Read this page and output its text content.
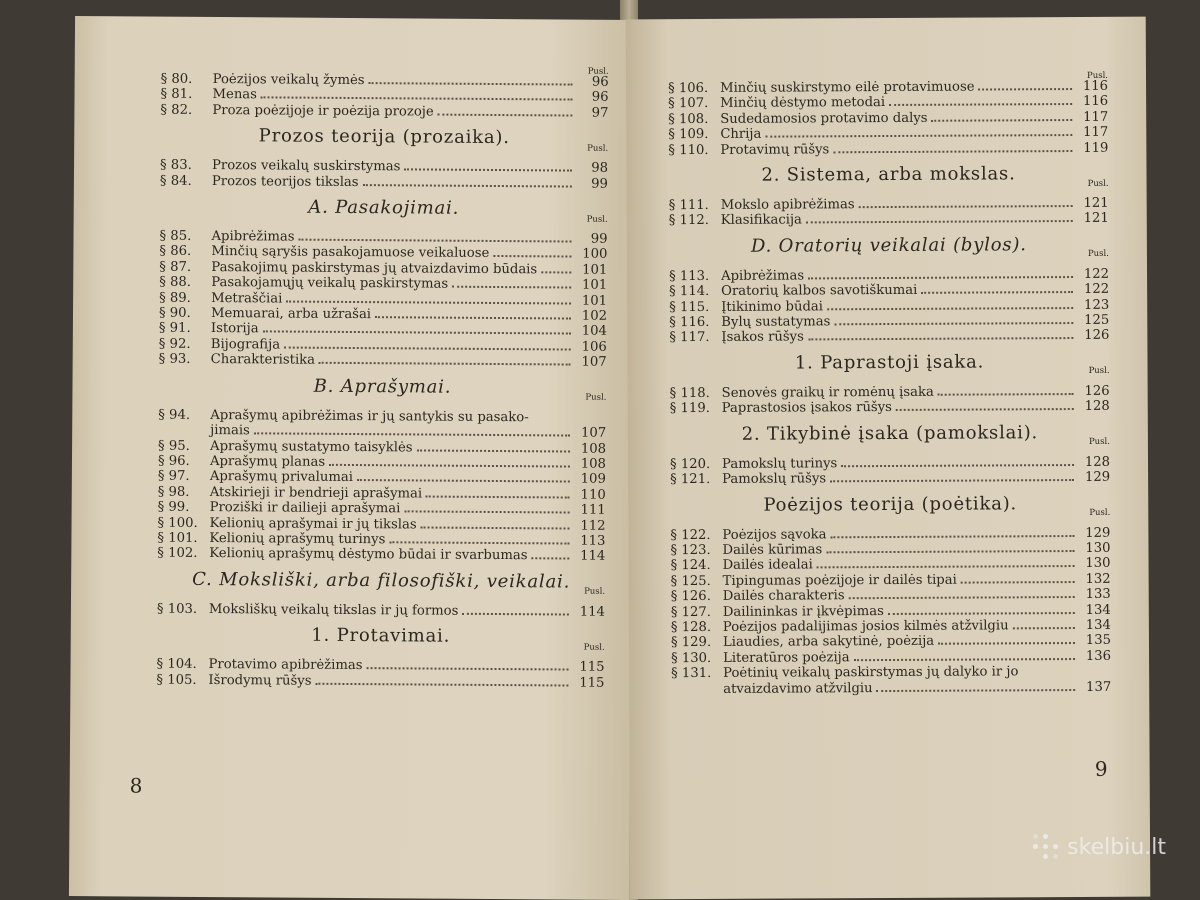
Pusl.
§ 80.	Poėzijos veikalų žymės	96
§ 81.	Menas	96
§ 82.	Proza poėzijoje ir poėzija prozoje	97
Prozos teorija (prozaika).
Pusl.
§ 83.	Prozos veikalų suskirstymas	98
§ 84.	Prozos teorijos tikslas	99
A. Pasakojimai.
Pusl.
§ 85.	Apibrėžimas	99
§ 86.	Minčių sąryšis pasakojamuose veikaluose	100
§ 87.	Pasakojimų paskirstymas jų atvaizdavimo būdais	101
§ 88.	Pasakojamųjų veikalų paskirstymas	101
§ 89.	Metraščiai	101
§ 90.	Memuarai, arba užrašai	102
§ 91.	Istorija	104
§ 92.	Bijografija	106
§ 93.	Charakteristika	107
B. Aprašymai.
Pusl.
§ 94.	Aprašymų apibrėžimas ir jų santykis su pasako-
jimais	107
§ 95.	Aprašymų sustatymo taisyklės	108
§ 96.	Aprašymų planas	108
§ 97.	Aprašymų privalumai	109
§ 98.	Atskirieji ir bendrieji aprašymai	110
§ 99.	Proziški ir dailieji aprašymai	111
§ 100. Kelionių aprašymai ir jų tikslas	112
§ 101. Kelionių aprašymų turinys	113
§ 102. Kelionių aprašymų dėstymo būdai ir svarbumas	114
C. Moksliški, arba filosofiški, veikalai. Pusl.
§ 103. Moksliškų veikalų tikslas ir jų formos	114
1. Protavimai.
Pusl.
§ 104. Protavimo apibrėžimas	115
§ 105. Išrodymų rūšys	115
8
Pusl.
§ 106. Minčių suskirstymo eilė protavimuose	116
§ 107. Minčių dėstymo metodai	116
§ 108. Sudedamosios protavimo dalys	117
§ 109. Chrija	117
§ 110. Protavimų rūšys	119
2. Sistema, arba mokslas.	Pusl.
§ 111. Mokslo apibrėžimas	121
§ 112. Klasifikacija	121
D. Oratorių veikalai (bylos).	Pusl.
§ 113. Apibrėžimas	122
§ 114. Oratorių kalbos savotiškumai	122
§ 115. Įtikinimo būdai	123
§ 116. Bylų sustatymas	125
§ 117. Įsakos rūšys	126
1. Paprastoji įsaka.	Pusl.
§ 118. Senovės graikų ir romėnų įsaka	126
§ 119. Paprastosios įsakos rūšys	128
2. Tikybinė įsaka (pamokslai).	Pusl.
§ 120. Pamokslų turinys	128
§ 121. Pamokslų rūšys	129
Poėzijos teorija (poėtika).	Pusl.
§ 122. Poėzijos sąvoka	129
§ 123. Dailės kūrimas	130
§ 124. Dailės idealai	130
§ 125. Tipingumas poėzijoje ir dailės tipai	132
§ 126. Dailės charakteris	133
§ 127. Dailininkas ir įkvėpimas	134
§ 128. Poėzijos padalijimas josios kilmės atžvilgiu	134
§ 129. Liaudies, arba sakytinė, poėzija	135
§ 130. Literatūros poėzija	136
§ 131. Poėtinių veikalų paskirstymas jų dalyko ir jo
atvaizdavimo atžvilgiu	137
9
skelbiu.lt
